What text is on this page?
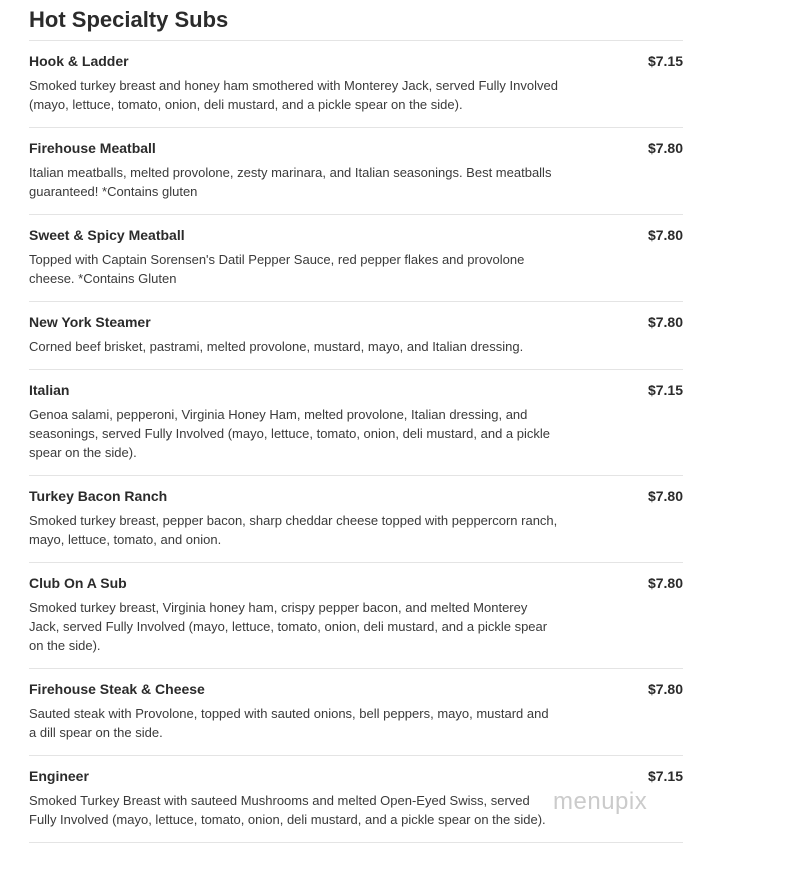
Hot Specialty Subs
Hook & Ladder	$7.15

Smoked turkey breast and honey ham smothered with Monterey Jack, served Fully Involved (mayo, lettuce, tomato, onion, deli mustard, and a pickle spear on the side).

Firehouse Meatball	$7.80

Italian meatballs, melted provolone, zesty marinara, and Italian seasonings. Best meatballs guaranteed! *Contains gluten

Sweet & Spicy Meatball	$7.80

Topped with Captain Sorensen's Datil Pepper Sauce, red pepper flakes and provolone cheese. *Contains Gluten

New York Steamer	$7.80

Corned beef brisket, pastrami, melted provolone, mustard, mayo, and Italian dressing.

Italian	$7.15

Genoa salami, pepperoni, Virginia Honey Ham, melted provolone, Italian dressing, and seasonings, served Fully Involved (mayo, lettuce, tomato, onion, deli mustard, and a pickle spear on the side).

Turkey Bacon Ranch	$7.80

Smoked turkey breast, pepper bacon, sharp cheddar cheese topped with peppercorn ranch, mayo, lettuce, tomato, and onion.

Club On A Sub	$7.80

Smoked turkey breast, Virginia honey ham, crispy pepper bacon, and melted Monterey Jack, served Fully Involved (mayo, lettuce, tomato, onion, deli mustard, and a pickle spear on the side).

Firehouse Steak & Cheese	$7.80

Sauted steak with Provolone, topped with sauted onions, bell peppers, mayo, mustard and a dill spear on the side.

Engineer	$7.15

Smoked Turkey Breast with sauteed Mushrooms and melted Open-Eyed Swiss, served Fully Involved (mayo, lettuce, tomato, onion, deli mustard, and a pickle spear on the side).

menupix
